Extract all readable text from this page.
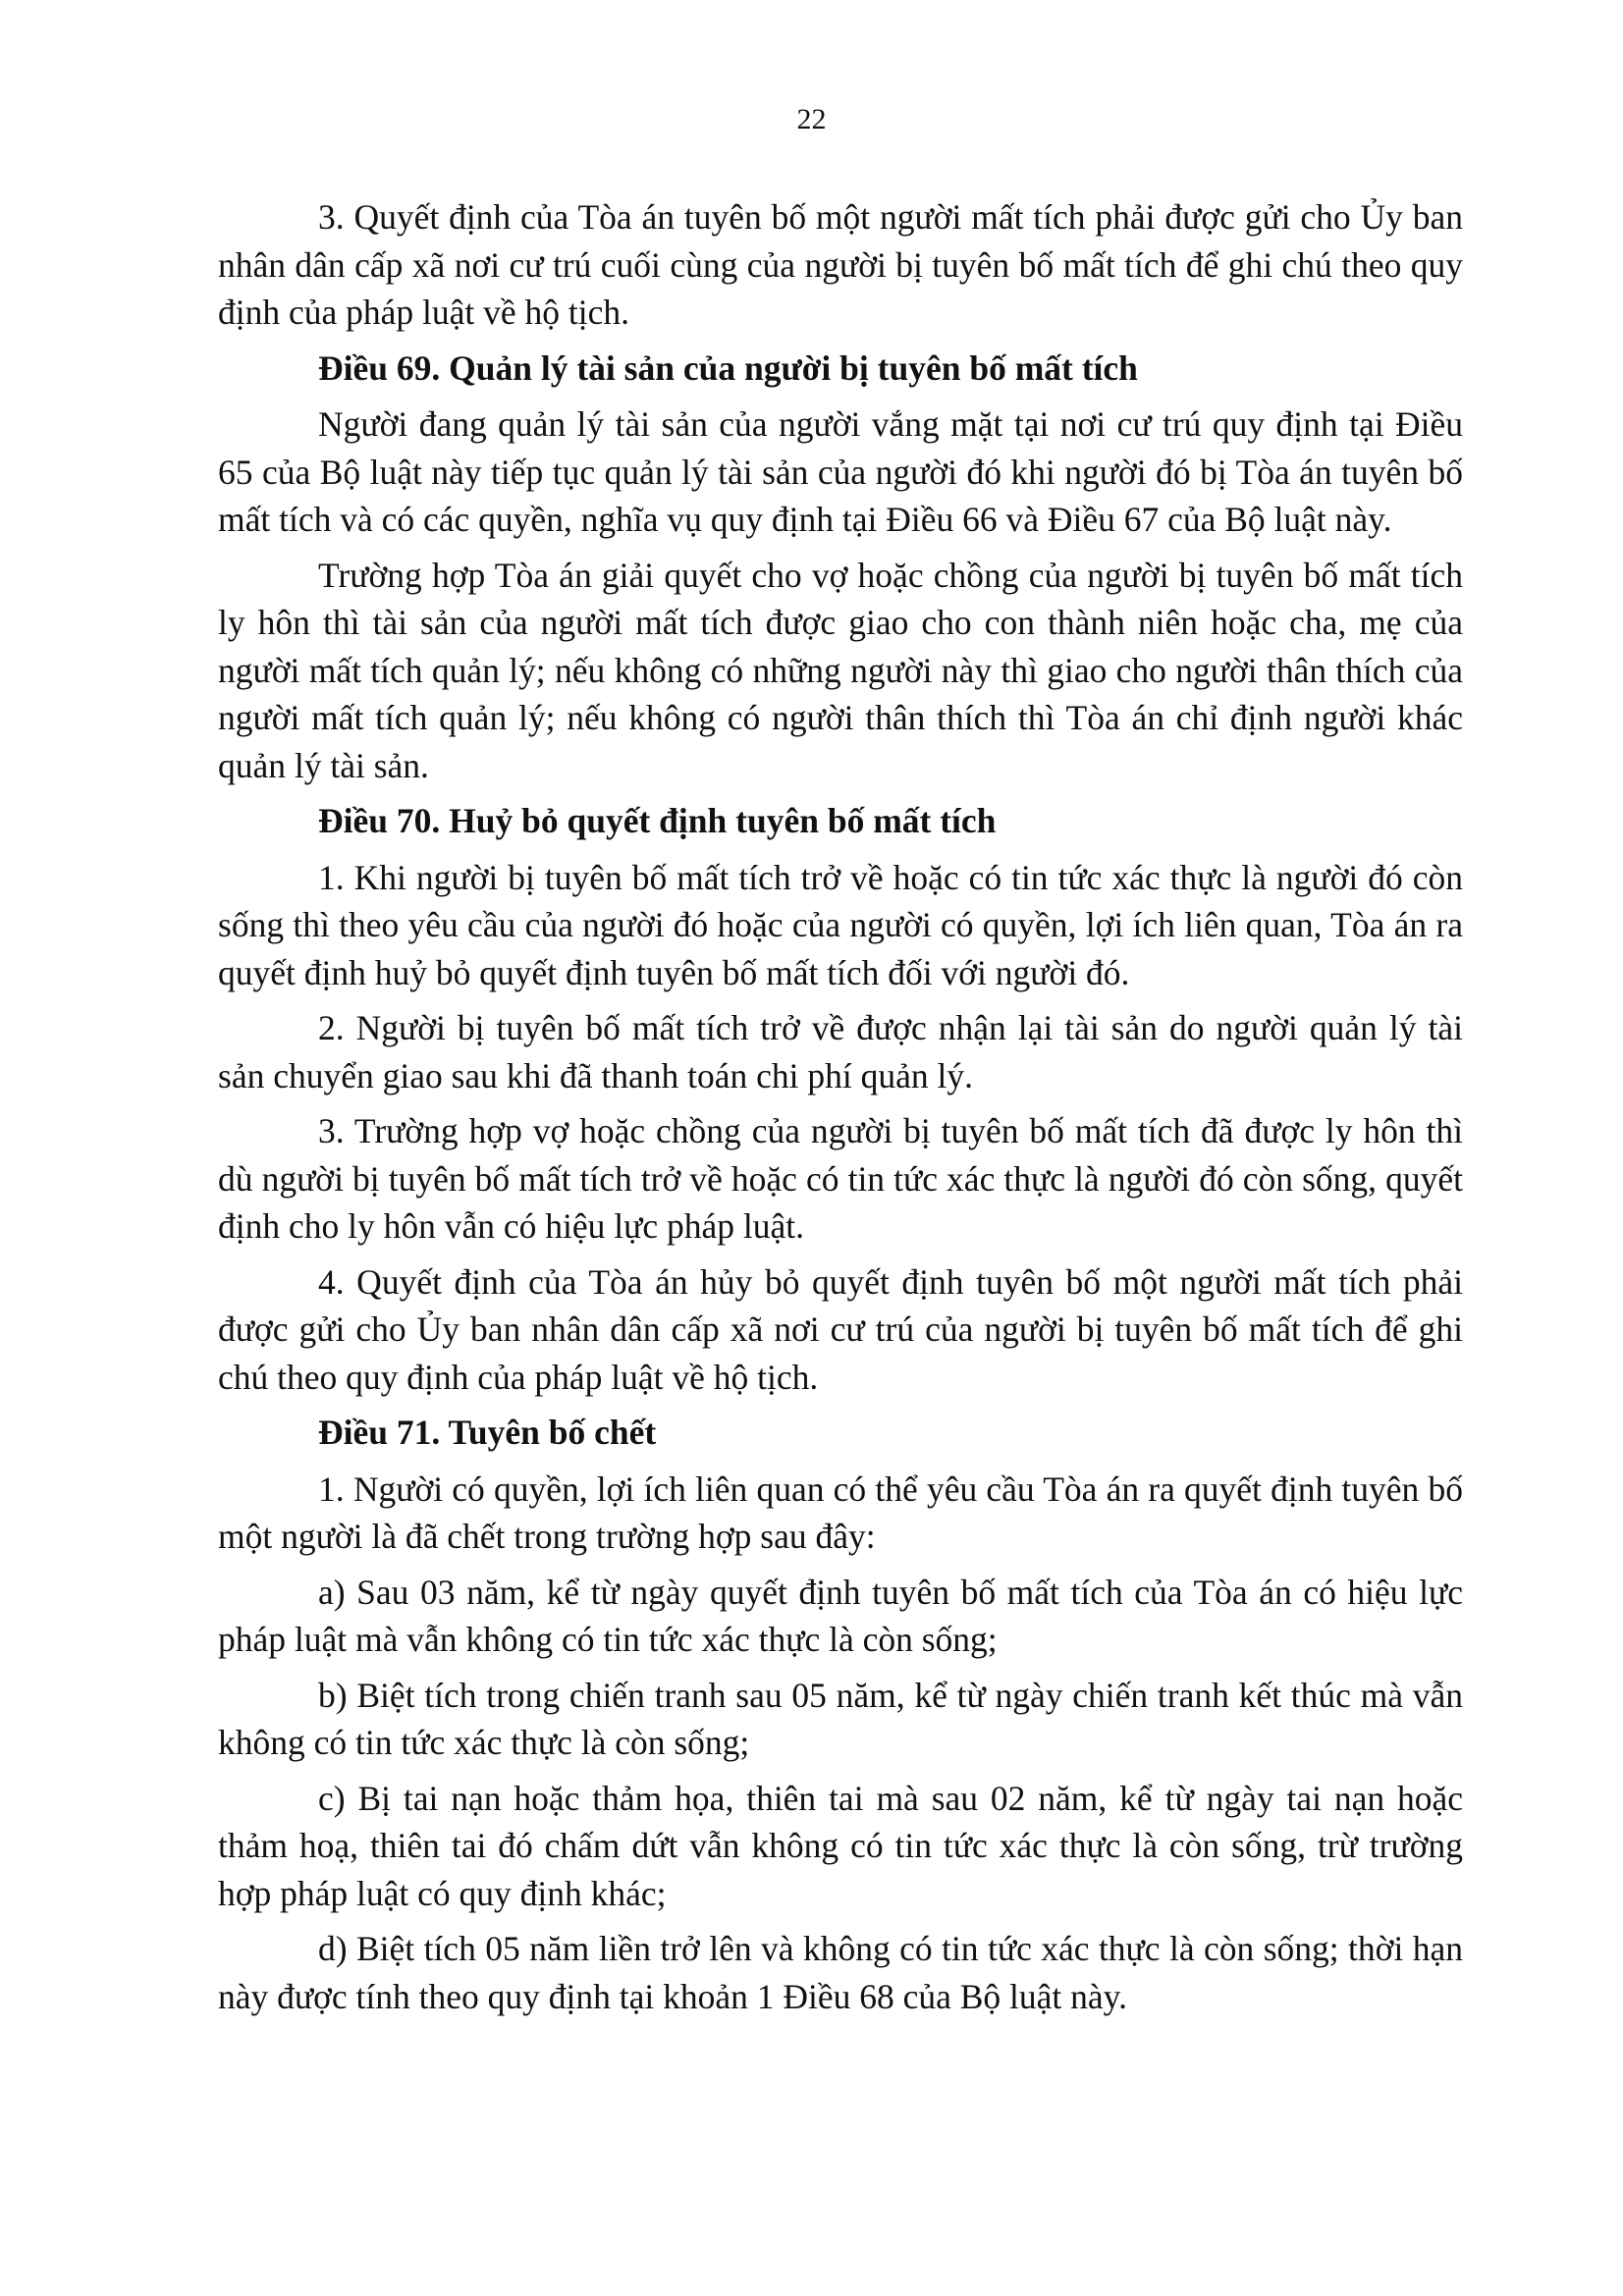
22

3. Quyết định của Tòa án tuyên bố một người mất tích phải được gửi cho Ủy ban nhân dân cấp xã nơi cư trú cuối cùng của người bị tuyên bố mất tích để ghi chú theo quy định của pháp luật về hộ tịch.

Điều 69. Quản lý tài sản của người bị tuyên bố mất tích

Người đang quản lý tài sản của người vắng mặt tại nơi cư trú quy định tại Điều 65 của Bộ luật này tiếp tục quản lý tài sản của người đó khi người đó bị Tòa án tuyên bố mất tích và có các quyền, nghĩa vụ quy định tại Điều 66 và Điều 67 của Bộ luật này.

Trường hợp Tòa án giải quyết cho vợ hoặc chồng của người bị tuyên bố mất tích ly hôn thì tài sản của người mất tích được giao cho con thành niên hoặc cha, mẹ của người mất tích quản lý; nếu không có những người này thì giao cho người thân thích của người mất tích quản lý; nếu không có người thân thích thì Tòa án chỉ định người khác quản lý tài sản.

Điều 70. Huỷ bỏ quyết định tuyên bố mất tích

1. Khi người bị tuyên bố mất tích trở về hoặc có tin tức xác thực là người đó còn sống thì theo yêu cầu của người đó hoặc của người có quyền, lợi ích liên quan, Tòa án ra quyết định huỷ bỏ quyết định tuyên bố mất tích đối với người đó.

2. Người bị tuyên bố mất tích trở về được nhận lại tài sản do người quản lý tài sản chuyển giao sau khi đã thanh toán chi phí quản lý.

3. Trường hợp vợ hoặc chồng của người bị tuyên bố mất tích đã được ly hôn thì dù người bị tuyên bố mất tích trở về hoặc có tin tức xác thực là người đó còn sống, quyết định cho ly hôn vẫn có hiệu lực pháp luật.

4. Quyết định của Tòa án hủy bỏ quyết định tuyên bố một người mất tích phải được gửi cho Ủy ban nhân dân cấp xã nơi cư trú của người bị tuyên bố mất tích để ghi chú theo quy định của pháp luật về hộ tịch.

Điều 71. Tuyên bố chết

1. Người có quyền, lợi ích liên quan có thể yêu cầu Tòa án ra quyết định tuyên bố một người là đã chết trong trường hợp sau đây:

a) Sau 03 năm, kể từ ngày quyết định tuyên bố mất tích của Tòa án có hiệu lực pháp luật mà vẫn không có tin tức xác thực là còn sống;

b) Biệt tích trong chiến tranh sau 05 năm, kể từ ngày chiến tranh kết thúc mà vẫn không có tin tức xác thực là còn sống;

c) Bị tai nạn hoặc thảm họa, thiên tai mà sau 02 năm, kể từ ngày tai nạn hoặc thảm hoạ, thiên tai đó chấm dứt vẫn không có tin tức xác thực là còn sống, trừ trường hợp pháp luật có quy định khác;

d) Biệt tích 05 năm liền trở lên và không có tin tức xác thực là còn sống; thời hạn này được tính theo quy định tại khoản 1 Điều 68 của Bộ luật này.
